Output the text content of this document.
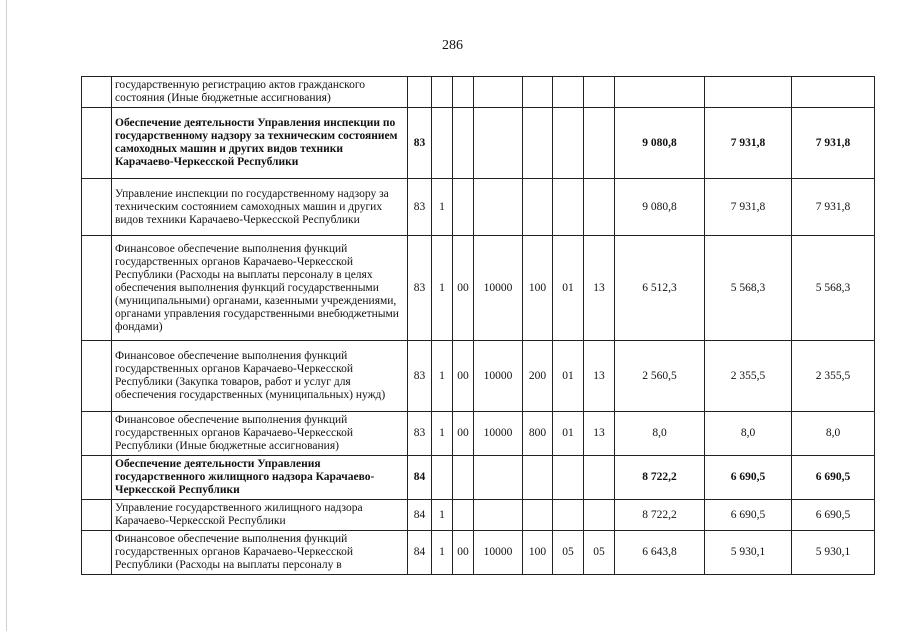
286
	государственную регистрацию актов гражданского состояния (Иные бюджетные ассигнования)										
	Обеспечение деятельности Управления инспекции по государственному надзору за техническим состоянием самоходных машин и других видов техники Карачаево-Черкесской Республики	83							9 080,8	7 931,8	7 931,8
	Управление инспекции по государственному надзору за техническим состоянием самоходных машин и других видов техники Карачаево-Черкесской Республики	83	1						9 080,8	7 931,8	7 931,8
	Финансовое обеспечение выполнения функций государственных органов Карачаево-Черкесской Республики (Расходы на выплаты персоналу в целях обеспечения выполнения функций государственными (муниципальными) органами, казенными учреждениями, органами управления государственными внебюджетными фондами)	83	1	00	10000	100	01	13	6 512,3	5 568,3	5 568,3
	Финансовое обеспечение выполнения функций государственных органов Карачаево-Черкесской Республики (Закупка товаров, работ и услуг для обеспечения государственных (муниципальных) нужд)	83	1	00	10000	200	01	13	2 560,5	2 355,5	2 355,5
	Финансовое обеспечение выполнения функций государственных органов Карачаево-Черкесской Республики (Иные бюджетные ассигнования)	83	1	00	10000	800	01	13	8,0	8,0	8,0
	Обеспечение деятельности Управления государственного жилищного надзора Карачаево-Черкесской Республики	84							8 722,2	6 690,5	6 690,5
	Управление государственного жилищного надзора Карачаево-Черкесской Республики	84	1						8 722,2	6 690,5	6 690,5
	Финансовое обеспечение выполнения функций государственных органов Карачаево-Черкесской Республики (Расходы на выплаты персоналу в	84	1	00	10000	100	05	05	6 643,8	5 930,1	5 930,1
